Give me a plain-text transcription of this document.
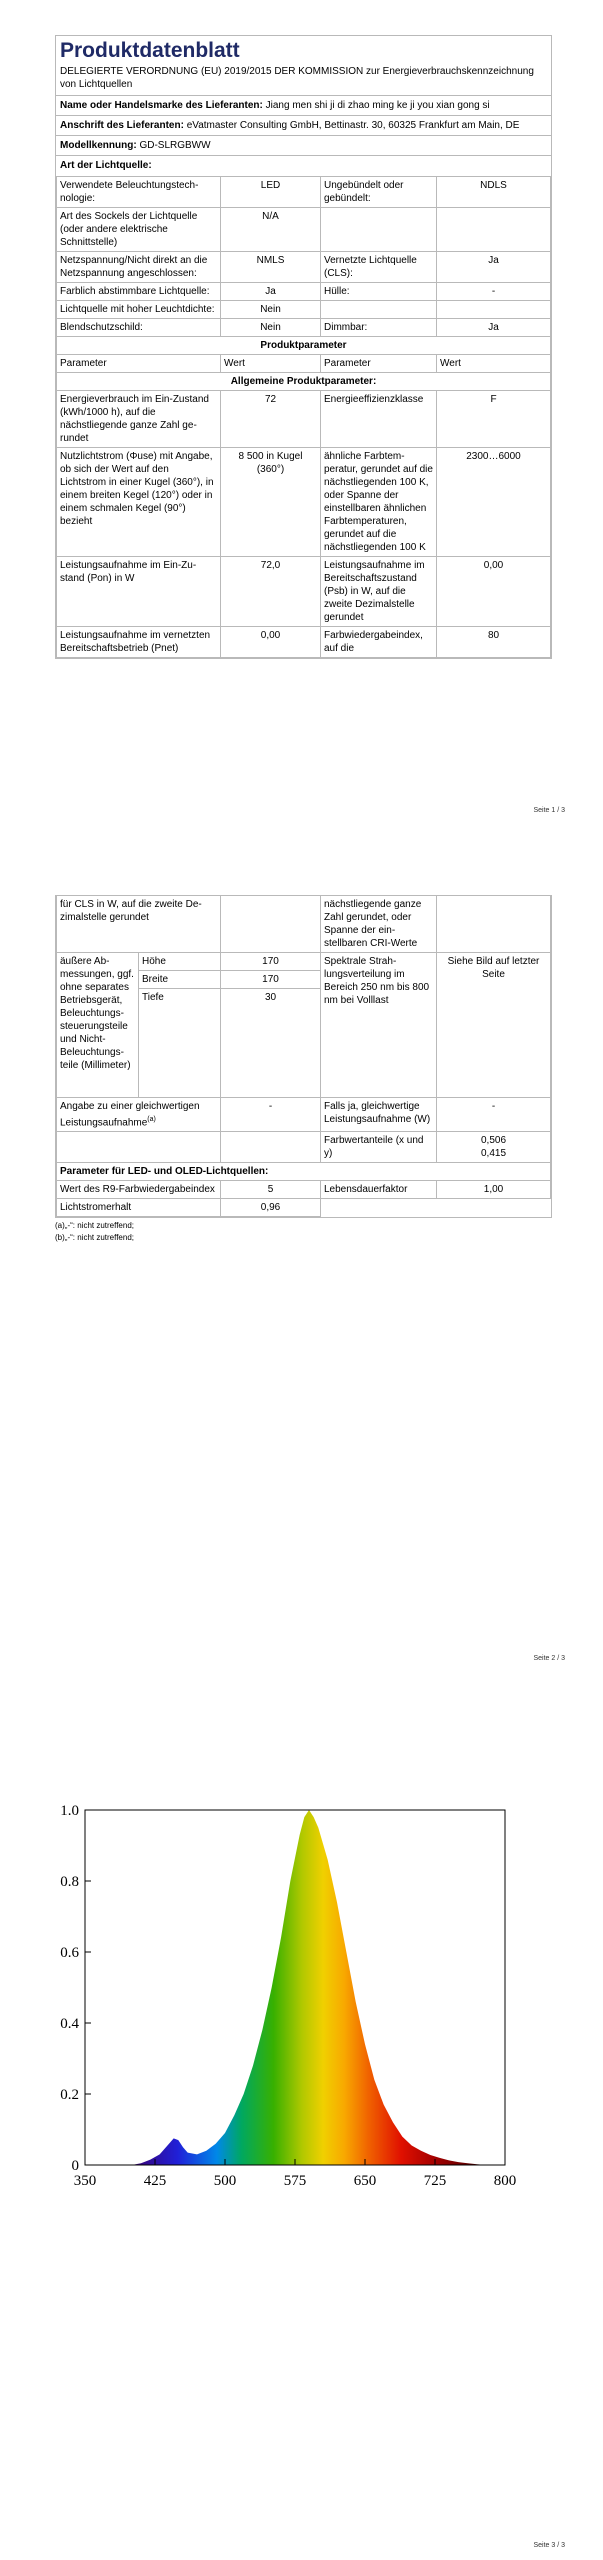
Produktdatenblatt
DELEGIERTE VERORDNUNG (EU) 2019/2015 DER KOMMISSION zur Energieverbrauchskennzeichnung von Lichtquellen
Name oder Handelsmarke des Lieferanten: Jiang men shi ji di zhao ming ke ji you xian gong si
Anschrift des Lieferanten: eVatmaster Consulting GmbH, Bettinastr. 30, 60325 Frankfurt am Main, DE
Modellkennung: GD-SLRGBWW
Art der Lichtquelle:
Verwendete Beleuchtungstechnologie:	LED	Ungebündelt oder gebündelt:	NDLS
Art des Sockels der Lichtquelle (oder andere elektrische Schnittstelle)	N/A		
Netzspannung/Nicht direkt an die Netzspannung angeschlossen:	NMLS	Vernetzte Lichtquelle (CLS):	Ja
Farblich abstimmbare Lichtquelle:	Ja	Hülle:	-
Lichtquelle mit hoher Leuchtdichte:	Nein		
Blendschutzschild:	Nein	Dimmbar:	Ja
Produktparameter			
Parameter	Wert	Parameter	Wert
Allgemeine Produktparameter:			
Energieverbrauch im Ein-Zustand (kWh/1000 h), auf die nächstliegende ganze Zahl gerundet	72	Energieeffizienzklasse	F
Nutzlichtstrom (Φuse) mit Angabe, ob sich der Wert auf den Lichtstrom in einer Kugel (360°), in einem breiten Kegel (120°) oder in einem schmalen Kegel (90°) bezieht	8 500 in Kugel (360°)	ähnliche Farbtemperatur, gerundet auf die nächstliegenden 100 K, oder Spanne der einstellbaren ähnlichen Farbtemperaturen, gerundet auf die nächstliegenden 100 K	2300…6000
Leistungsaufnahme im Ein-Zustand (Pon) in W	72,0	Leistungsaufnahme im Bereitschaftszustand (Psb) in W, auf die zweite Dezimalstelle gerundet	0,00
Leistungsaufnahme im vernetzten Bereitschaftsbetrieb (Pnet)	0,00	Farbwiedergabeindex, auf die	80
Seite 1 / 3
für CLS in W, auf die zweite Dezimalstelle gerundet			nächstliegende ganze Zahl gerundet, oder Spanne der einstellbaren CRI-Werte	
äußere Abmessungen, ggf. ohne separates Betriebsgerät, Beleuchtungssteuerungsteile und Nicht-Beleuchtungsteile (Millimeter)	Höhe	170	Spektrale Strahlungsverteilung im Bereich 250 nm bis 800 nm bei Volllast	Siehe Bild auf letzter Seite
	Breite	170		
	Tiefe	30		
Angabe zu einer gleichwertigen Leistungsaufnahme$^{(a)}$		-	Falls ja, gleichwertige Leistungsaufnahme (W)	-
			Farbwertanteile (x und y)	0,506
0,415

Parameter für LED- und OLED-Lichtquellen:				
Wert des R9-Farbwiedergabeindex		5	Lebensdauerfaktor	1,00
Lichtstromerhalt		0,96		
(a)„-“: nicht zutreffend;
(b)„-“: nicht zutreffend;
Seite 2 / 3
350	425	500	575	650	725	800
0
0.2
0.4
0.6
0.8
1.0
Seite 3 / 3
